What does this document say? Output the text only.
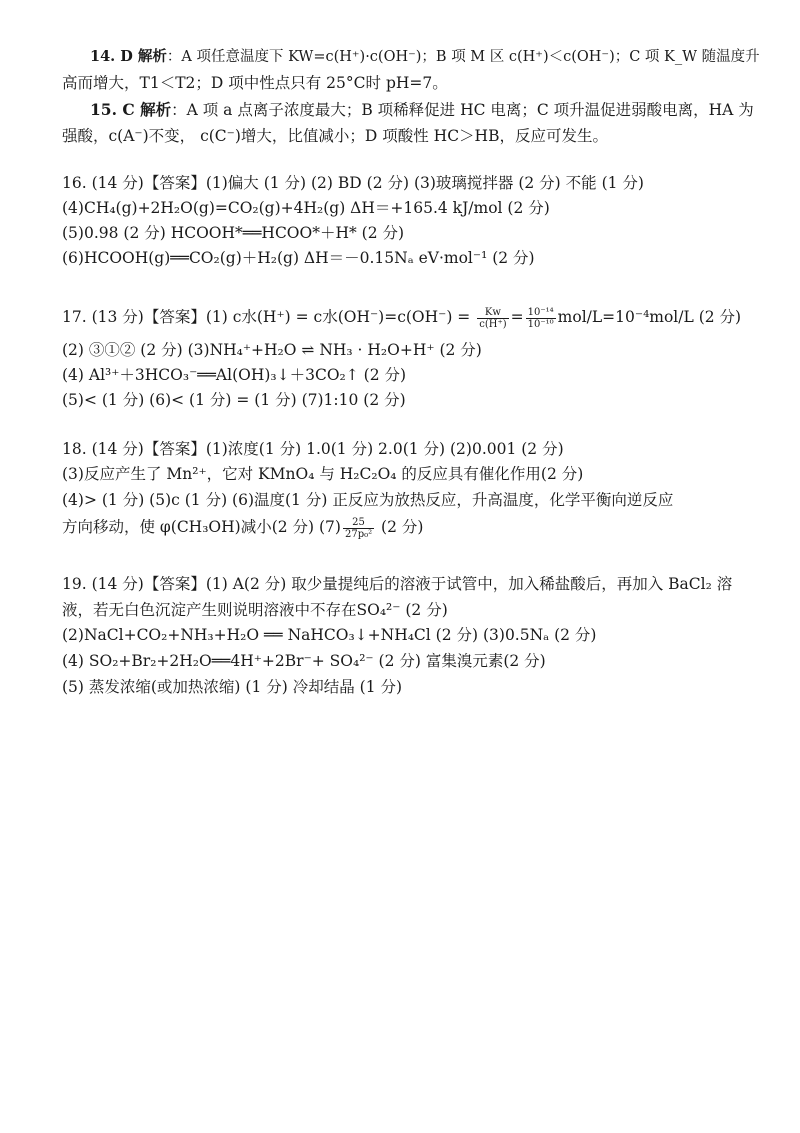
14. D 解析：A 项任意温度下 KW=c(H⁺)·c(OH⁻)；B 项 M 区 c(H⁺)＜c(OH⁻)；C 项 K_W 随温度升
高而增大，T1＜T2；D 项中性点只有 25°C时 pH=7。
15. C 解析：A 项 a 点离子浓度最大；B 项稀释促进 HC 电离；C 项升温促进弱酸电离，HA 为
强酸，c(A⁻)不变， c(C⁻)增大，比值减小；D 项酸性 HC＞HB，反应可发生。
16. (14 分)【答案】(1)偏大 (1 分) (2) BD (2 分) (3)玻璃搅拌器 (2 分) 不能 (1 分)
(4)CH₄(g)+2H₂O(g)=CO₂(g)+4H₂(g) ΔH＝+165.4 kJ/mol (2 分)
(5)0.98 (2 分) HCOOH*══HCOO*＋H* (2 分)
(6)HCOOH(g)══CO₂(g)＋H₂(g) ΔH＝－0.15Nₐ eV·mol⁻¹ (2 分)
17. (13 分)【答案】(1) c水(H⁺) = c水$(OH^-)=c(OH^-) = \frac{Kw}{c(H^+)} = \frac{\text{10⁻¹⁴}}{\text{10⁻¹⁰}} mol/L=10^{-4}mol/L$ (2 分)
(2) ③①② (2 分) (3)NH₄⁺+H₂O ⇌ NH₃ · H₂O+H⁺ (2 分)
(4) Al³⁺＋3HCO₃⁻══Al(OH)₃↓＋3CO₂↑ (2 分)
(5)< (1 分) (6)< (1 分) = (1 分) (7)1:10 (2 分)
18. (14 分)【答案】(1)浓度(1 分) 1.0(1 分) 2.0(1 分) (2)0.001 (2 分)
(3)反应产生了 Mn²⁺，它对 KMnO₄ 与 H₂C₂O₄ 的反应具有催化作用(2 分)
(4)> (1 分) (5)c (1 分) (6)温度(1 分) 正反应为放热反应，升高温度，化学平衡向逆反应
方向移动，使 φ(CH₃OH)减小(2 分) $(7) \frac{25}{\text{27p₀²}} (2$ 分)
19. (14 分)【答案】(1) A(2 分) 取少量提纯后的溶液于试管中，加入稀盐酸后，再加入 BaCl₂ 溶
液，若无白色沉淀产生则说明溶液中不存在SO₄²⁻ (2 分)
(2)NaCl+CO₂+NH₃+H₂O ══ NaHCO₃↓+NH₄Cl (2 分) (3)0.5Nₐ (2 分)
(4) SO₂+Br₂+2H₂O══4H⁺+2Br⁻+ SO₄²⁻ (2 分) 富集溴元素(2 分)
(5) 蒸发浓缩(或加热浓缩) (1 分) 冷却结晶 (1 分)
